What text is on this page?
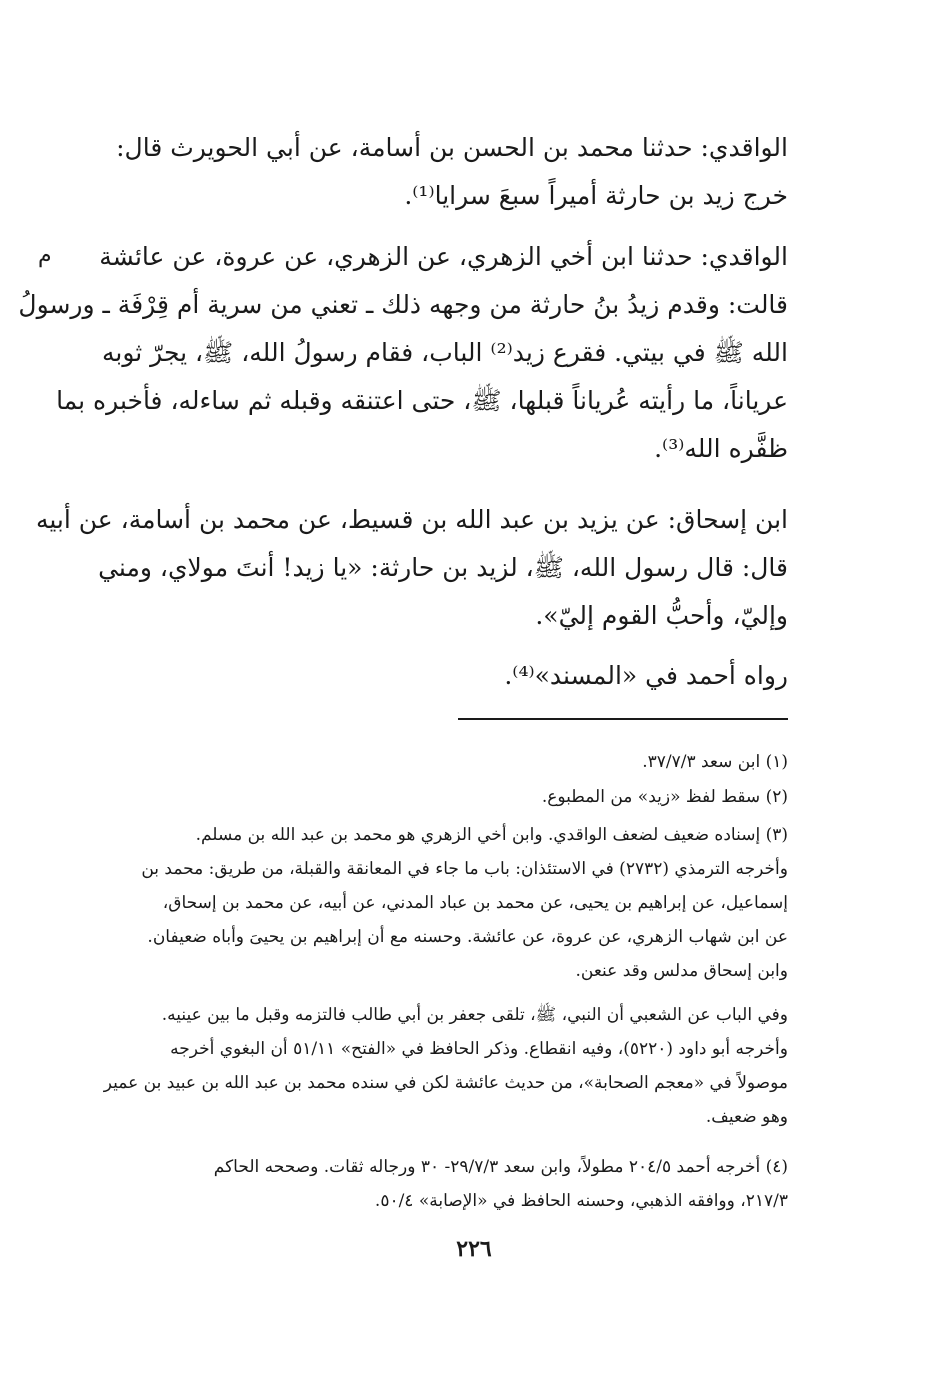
م
الواقدي: حدثنا محمد بن الحسن بن أسامة، عن أبي الحويرث قال:
خرج زيد بن حارثة أميراً سبعَ سرايا⁽¹⁾.
الواقدي: حدثنا ابن أخي الزهري، عن الزهري، عن عروة، عن عائشة
قالت: وقدم زيدُ بنُ حارثة من وجهه ذلك ـ تعني من سرية أم قِرْفَة ـ ورسولُ
الله ﷺ في بيتي. فقرع زيد⁽²⁾ الباب، فقام رسولُ الله، ﷺ، يجرّ ثوبه
عرياناً، ما رأيته عُرياناً قبلها، ﷺ، حتى اعتنقه وقبله ثم ساءله، فأخبره بما
ظفَّره الله⁽³⁾.
ابن إسحاق: عن يزيد بن عبد الله بن قسيط، عن محمد بن أسامة، عن أبيه
قال: قال رسول الله، ﷺ، لزيد بن حارثة: «يا زيد! أنتَ مولاي، ومني
وإليّ، وأحبُّ القوم إليّ».
رواه أحمد في «المسند»⁽⁴⁾.
(١) ابن سعد ٣٧/٧/٣.
(٢) سقط لفظ «زيد» من المطبوع.
(٣) إسناده ضعيف لضعف الواقدي. وابن أخي الزهري هو محمد بن عبد الله بن مسلم.
وأخرجه الترمذي (٢٧٣٢) في الاستئذان: باب ما جاء في المعانقة والقبلة، من طريق: محمد بن
إسماعيل، عن إبراهيم بن يحيى، عن محمد بن عباد المدني، عن أبيه، عن محمد بن إسحاق،
عن ابن شهاب الزهري، عن عروة، عن عائشة. وحسنه مع أن إبراهيم بن يحيىَ وأباه ضعيفان.
وابن إسحاق مدلس وقد عنعن.
وفي الباب عن الشعبي أن النبي، ﷺ، تلقى جعفر بن أبي طالب فالتزمه وقبل ما بين عينيه.
وأخرجه أبو داود (٥٢٢٠)، وفيه انقطاع. وذكر الحافظ في «الفتح» ٥١/١١ أن البغوي أخرجه
موصولاً في «معجم الصحابة»، من حديث عائشة لكن في سنده محمد بن عبد الله بن عبيد بن عمير
وهو ضعيف.
(٤) أخرجه أحمد ٢٠٤/٥ مطولاً، وابن سعد ٢٩/٧/٣- ٣٠ ورجاله ثقات. وصححه الحاكم
٢١٧/٣، ووافقه الذهبي، وحسنه الحافظ في «الإصابة» ٥٠/٤.
٢٢٦
